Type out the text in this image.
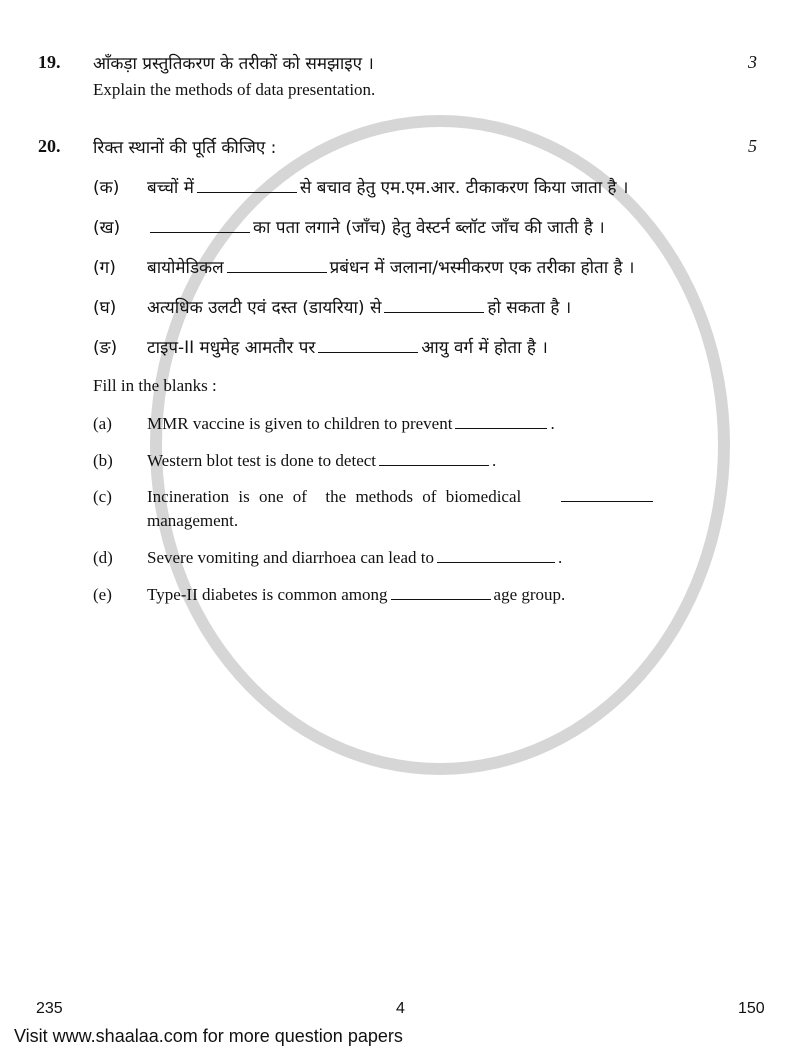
19. आँकड़ा प्रस्तुतिकरण के तरीकों को समझाइए ।	3
Explain the methods of data presentation.
20. रिक्त स्थानों की पूर्ति कीजिए :	5
(क) बच्चों में	से बचाव हेतु एम.एम.आर. टीकाकरण किया जाता है ।
(ख)	का पता लगाने (जाँच) हेतु वेस्टर्न ब्लॉट जाँच की जाती है ।
(ग) बायोमेडिकल	प्रबंधन में जलाना/भस्मीकरण एक तरीका होता है ।
(घ) अत्यधिक उलटी एवं दस्त (डायरिया) से	हो सकता है ।
(ङ) टाइप-II मधुमेह आमतौर पर	आयु वर्ग में होता है ।
Fill in the blanks :
(a) MMR vaccine is given to children to prevent	.
(b) Western blot test is done to detect	.
(c) Incineration is one of  the methods of biomedical
management.
(d) Severe vomiting and diarrhoea can lead to	.
(e) Type-II diabetes is common among	age group.
235	4	150
Visit www.shaalaa.com for more question papers
